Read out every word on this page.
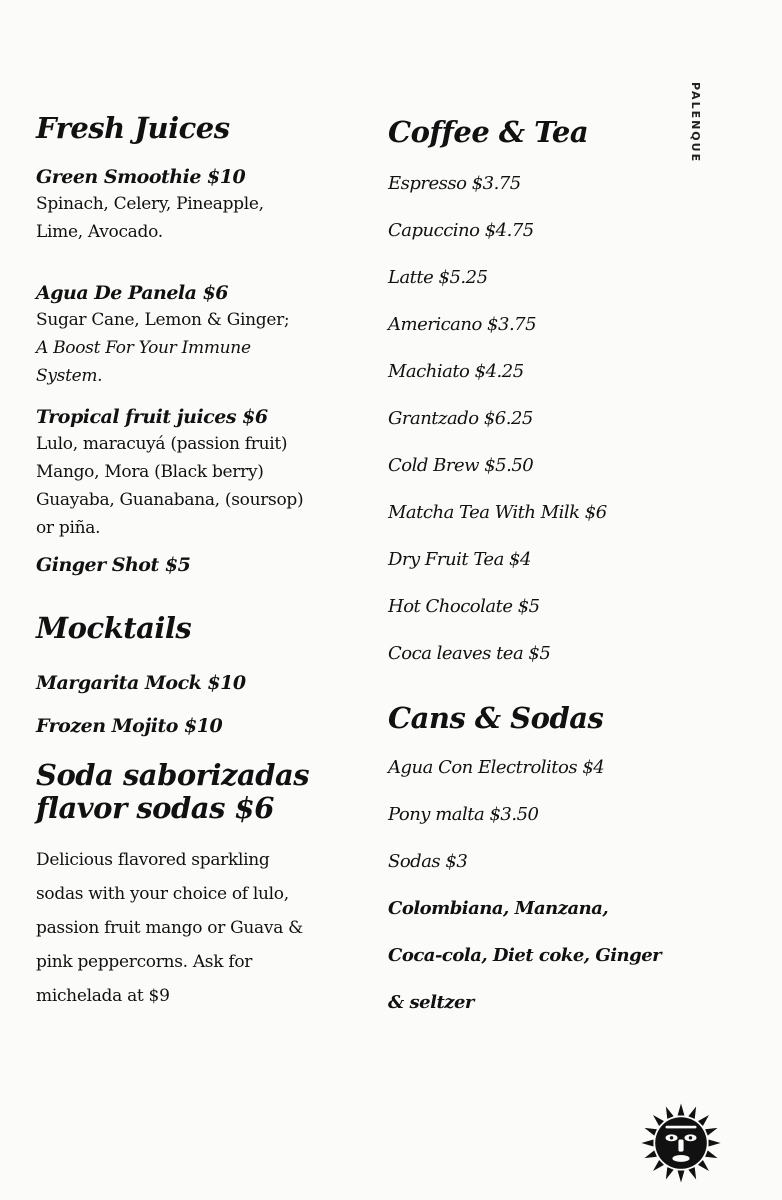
PALENQUE
Fresh Juices
Green Smoothie $10
Spinach, Celery, Pineapple, Lime, Avocado.
Agua De Panela $6
Sugar Cane, Lemon & Ginger; A Boost For Your Immune System.
Tropical fruit juices $6
Lulo, maracuyá (passion fruit) Mango, Mora (Black berry) Guayaba, Guanabana, (soursop) or piña.
Ginger Shot $5
Mocktails
Margarita Mock $10
Frozen Mojito $10
Soda saborizadas
flavor sodas $6
Delicious flavored sparkling sodas with your choice of lulo, passion fruit mango or Guava & pink peppercorns. Ask for michelada at $9
Coffee & Tea
Espresso $3.75
Capuccino $4.75
Latte $5.25
Americano $3.75
Machiato $4.25
Grantzado $6.25
Cold Brew $5.50
Matcha Tea With Milk $6
Dry Fruit Tea $4
Hot Chocolate $5
Coca leaves tea $5
Cans & Sodas
Agua Con Electrolitos $4
Pony malta $3.50
Sodas $3
Colombiana, Manzana,
Coca-cola, Diet coke, Ginger
& seltzer
